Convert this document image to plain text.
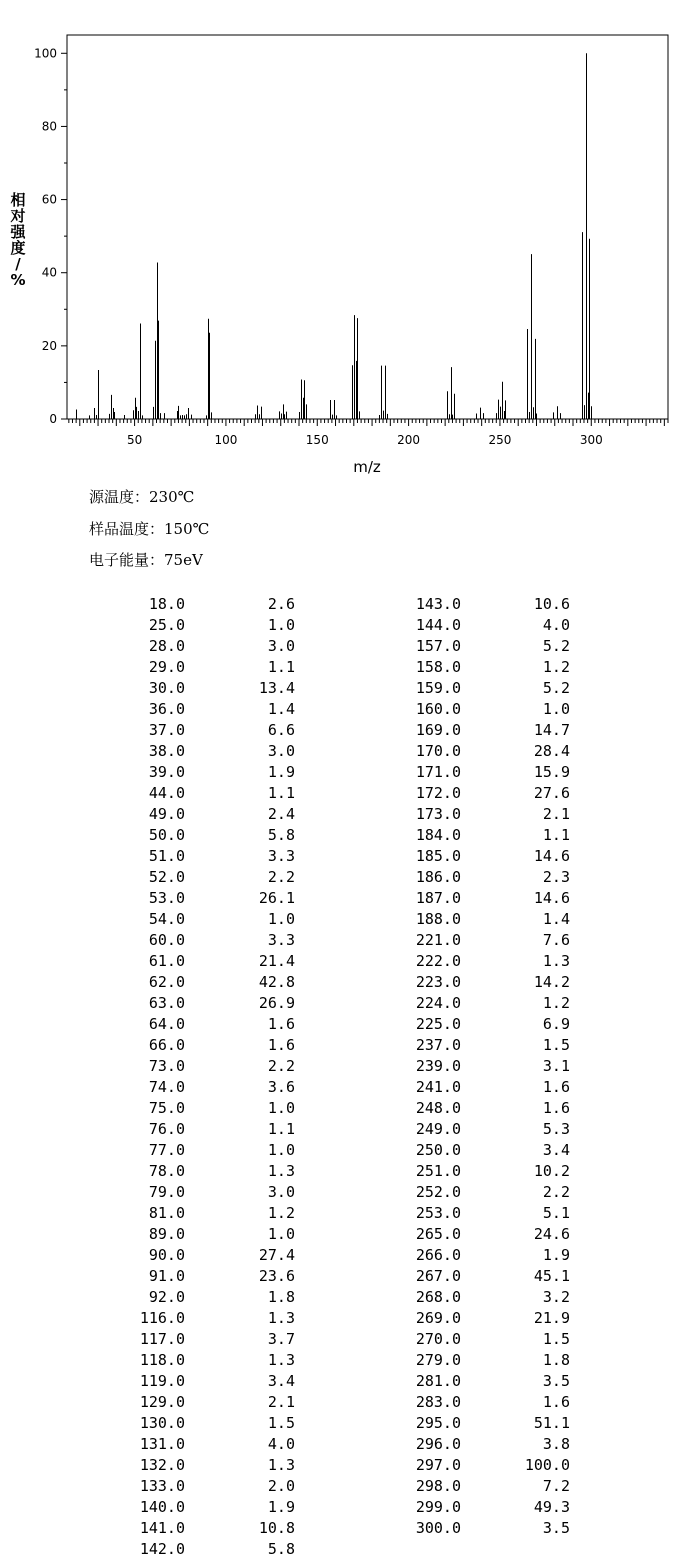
0
20
40
60
80
100
50	100	150	200	250	300
相
对
强
度
/
%
m/z
源温度：230℃
样品温度：150℃
电子能量：75eV
18.0	2.6
25.0	1.0
28.0	3.0
29.0	1.1
30.0	13.4
36.0	1.4
37.0	6.6
38.0	3.0
39.0	1.9
44.0	1.1
49.0	2.4
50.0	5.8
51.0	3.3
52.0	2.2
53.0	26.1
54.0	1.0
60.0	3.3
61.0	21.4
62.0	42.8
63.0	26.9
64.0	1.6
66.0	1.6
73.0	2.2
74.0	3.6
75.0	1.0
76.0	1.1
77.0	1.0
78.0	1.3
79.0	3.0
81.0	1.2
89.0	1.0
90.0	27.4
91.0	23.6
92.0	1.8
116.0	1.3
117.0	3.7
118.0	1.3
119.0	3.4
129.0	2.1
130.0	1.5
131.0	4.0
132.0	1.3
133.0	2.0
140.0	1.9
141.0	10.8
142.0	5.8
143.0	10.6
144.0	4.0
157.0	5.2
158.0	1.2
159.0	5.2
160.0	1.0
169.0	14.7
170.0	28.4
171.0	15.9
172.0	27.6
173.0	2.1
184.0	1.1
185.0	14.6
186.0	2.3
187.0	14.6
188.0	1.4
221.0	7.6
222.0	1.3
223.0	14.2
224.0	1.2
225.0	6.9
237.0	1.5
239.0	3.1
241.0	1.6
248.0	1.6
249.0	5.3
250.0	3.4
251.0	10.2
252.0	2.2
253.0	5.1
265.0	24.6
266.0	1.9
267.0	45.1
268.0	3.2
269.0	21.9
270.0	1.5
279.0	1.8
281.0	3.5
283.0	1.6
295.0	51.1
296.0	3.8
297.0	100.0
298.0	7.2
299.0	49.3
300.0	3.5
